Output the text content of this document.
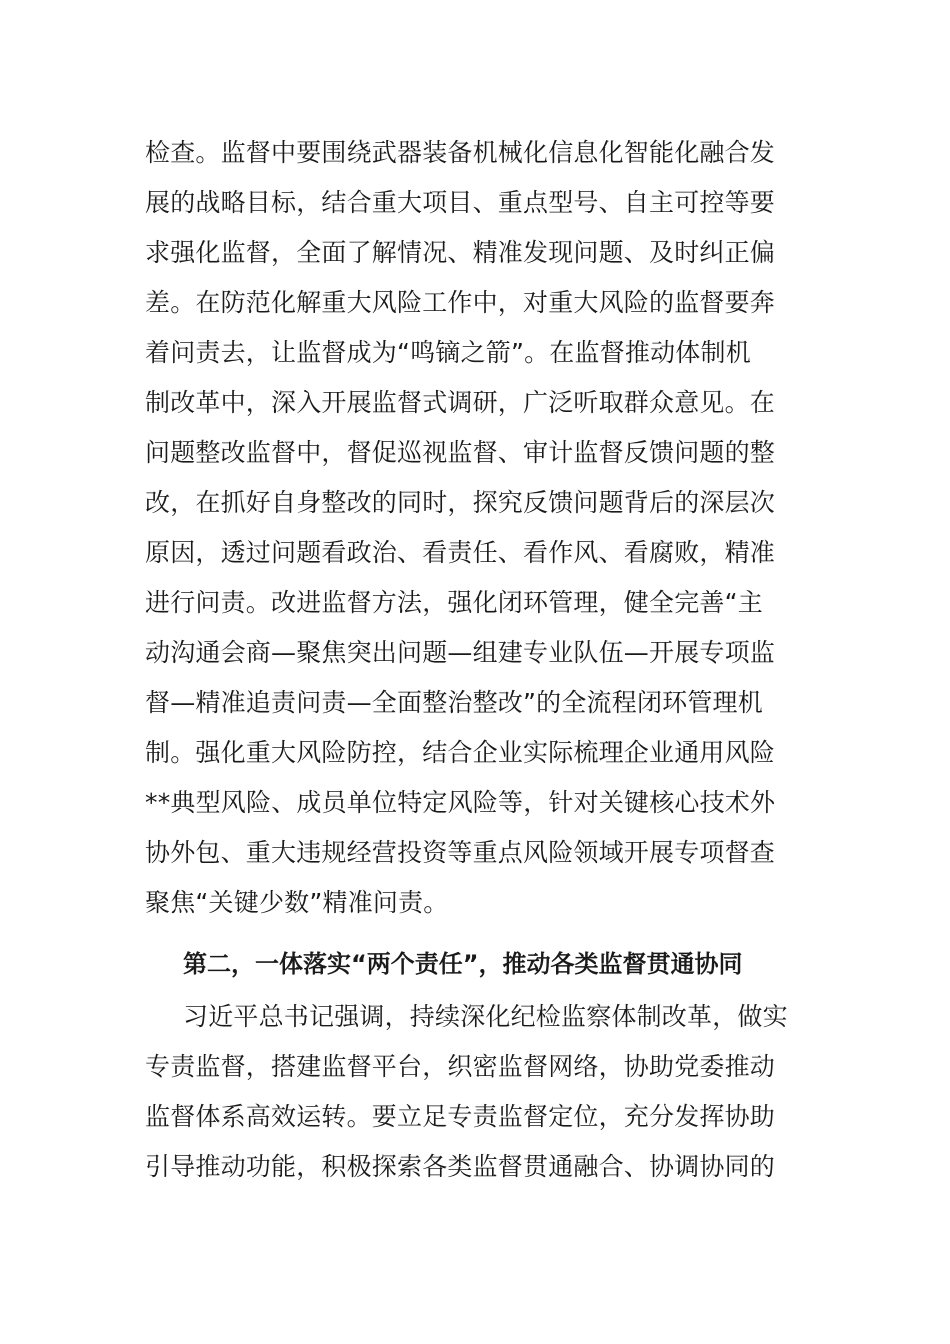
检查。监督中要围绕武器装备机械化信息化智能化融合发
展的战略目标，结合重大项目、重点型号、自主可控等要
求强化监督，全面了解情况、精准发现问题、及时纠正偏
差。在防范化解重大风险工作中，对重大风险的监督要奔
着问责去，让监督成为“鸣镝之箭”。在监督推动体制机
制改革中，深入开展监督式调研，广泛听取群众意见。在
问题整改监督中，督促巡视监督、审计监督反馈问题的整
改，在抓好自身整改的同时，探究反馈问题背后的深层次
原因，透过问题看政治、看责任、看作风、看腐败，精准
进行问责。改进监督方法，强化闭环管理，健全完善“主
动沟通会商—聚焦突出问题—组建专业队伍—开展专项监
督—精准追责问责—全面整治整改”的全流程闭环管理机
制。强化重大风险防控，结合企业实际梳理企业通用风险
**典型风险、成员单位特定风险等，针对关键核心技术外
协外包、重大违规经营投资等重点风险领域开展专项督查
聚焦“关键少数”精准问责。
第二，一体落实“两个责任”，推动各类监督贯通协同
习近平总书记强调，持续深化纪检监察体制改革，做实
专责监督，搭建监督平台，织密监督网络，协助党委推动
监督体系高效运转。要立足专责监督定位，充分发挥协助
引导推动功能，积极探索各类监督贯通融合、协调协同的
